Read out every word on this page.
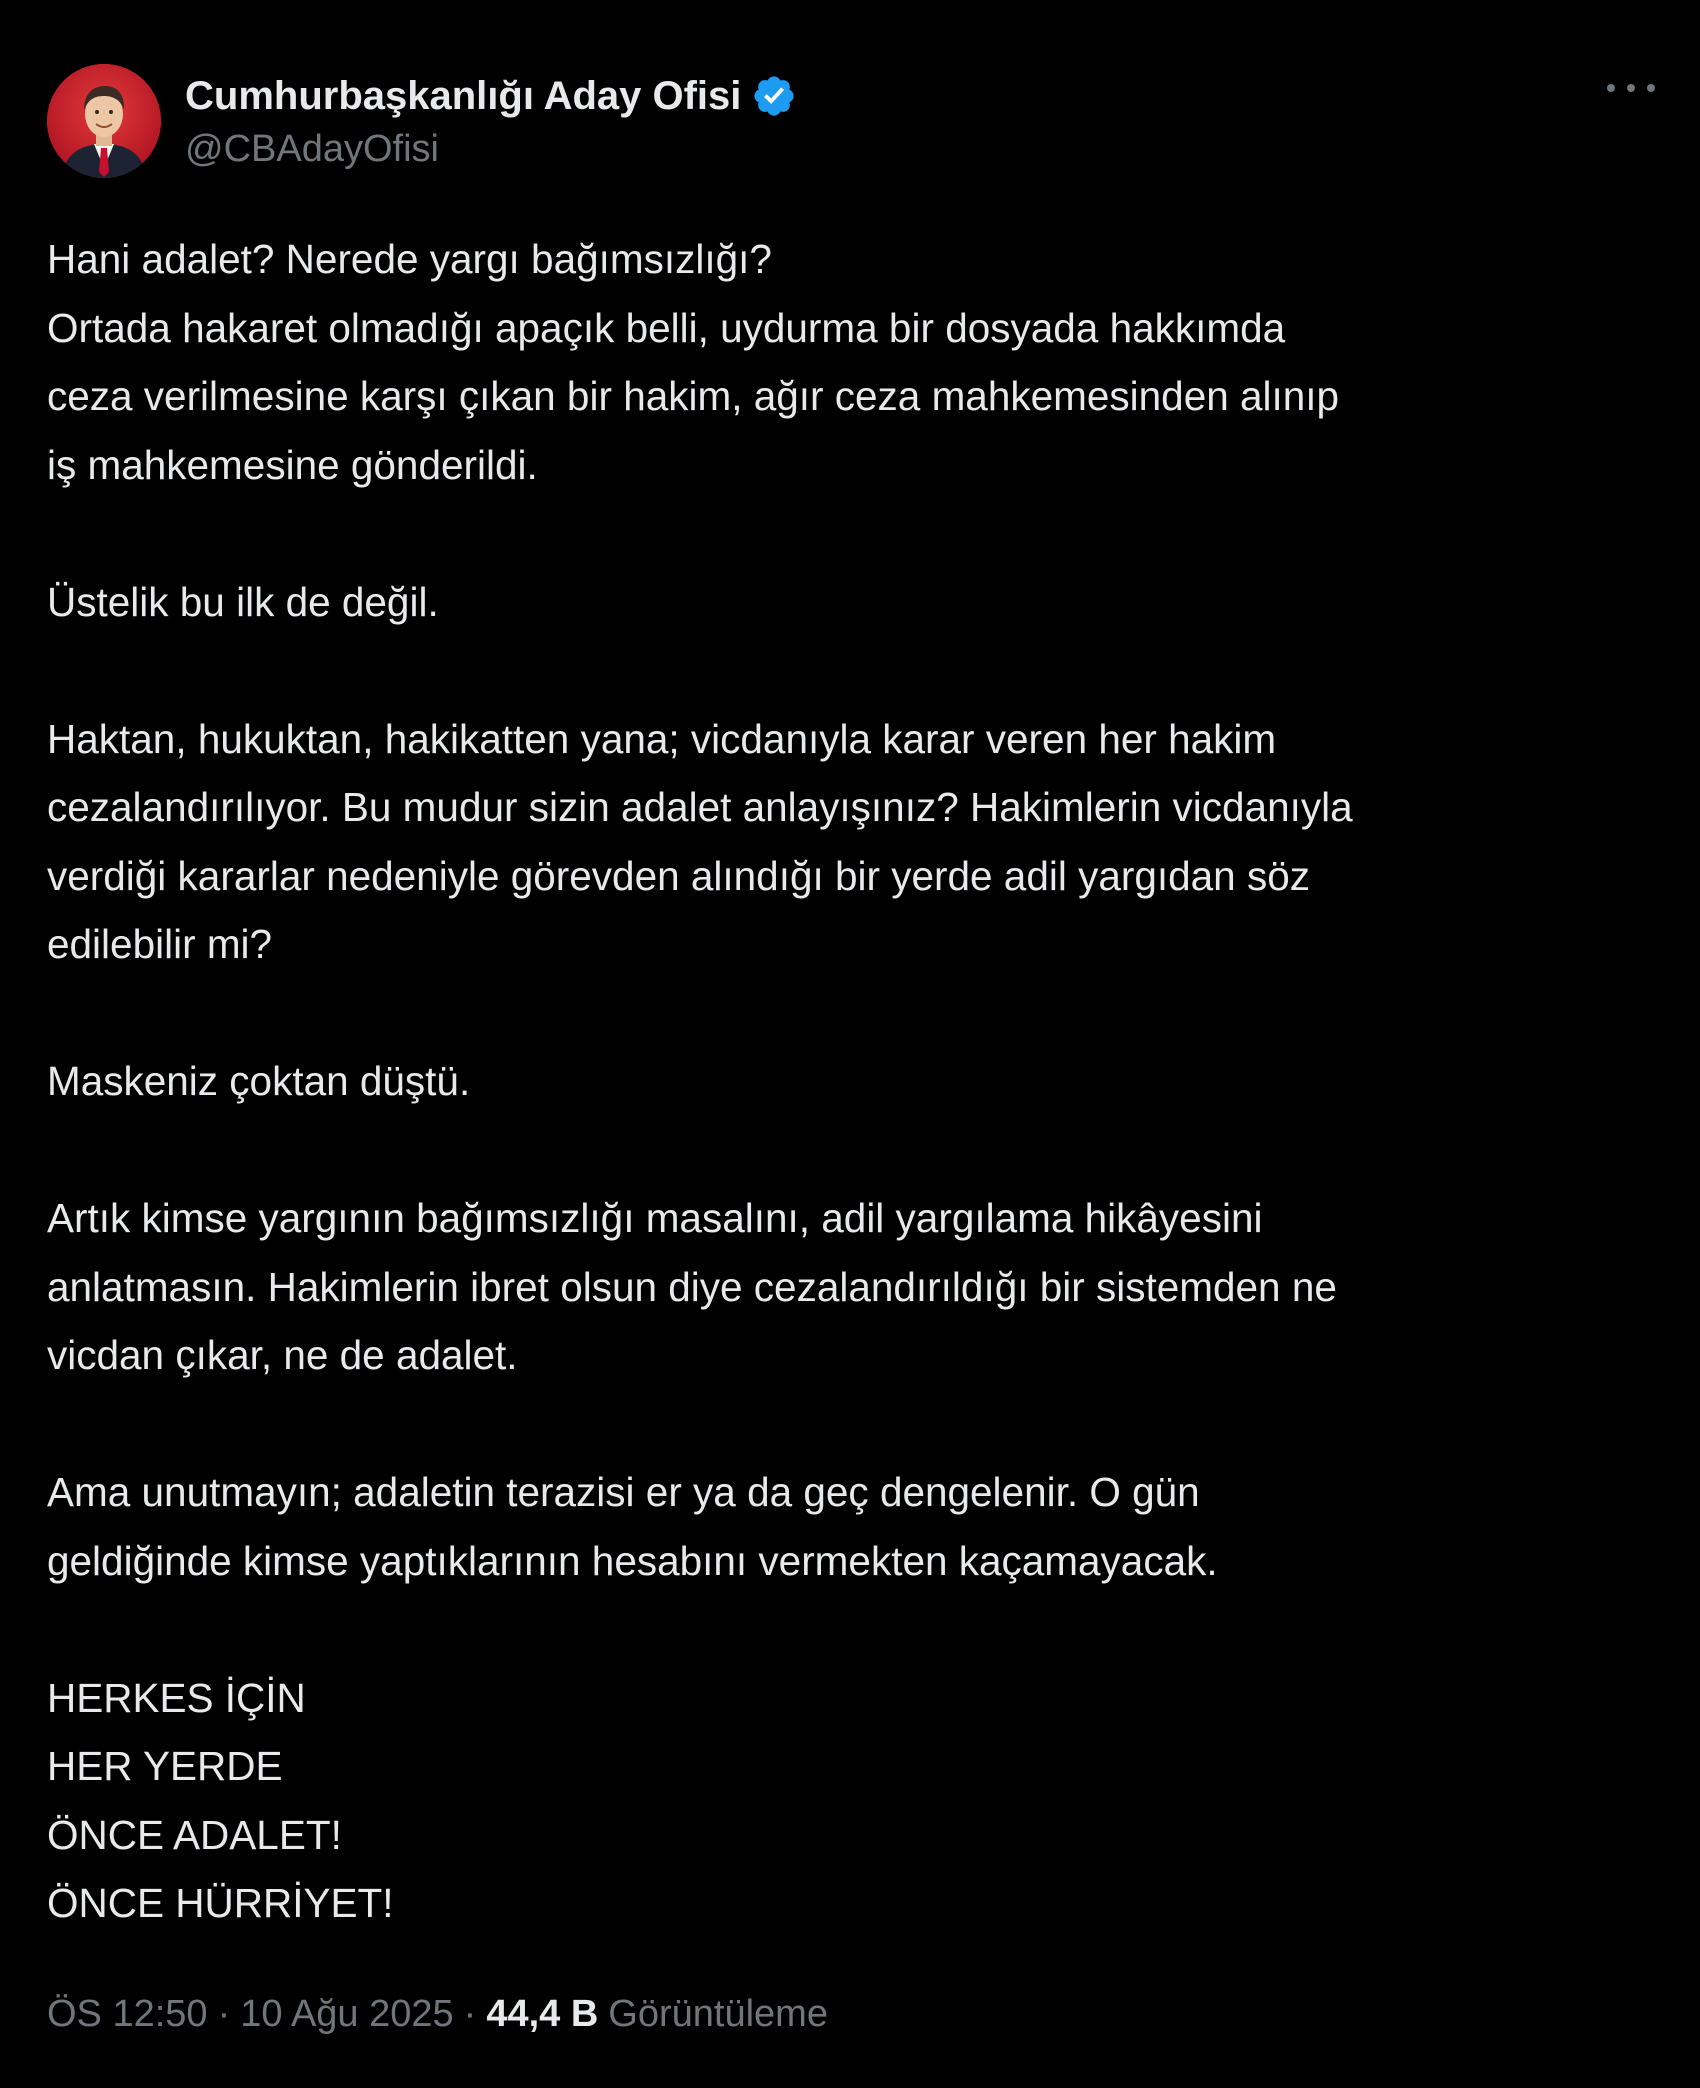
Cumhurbaşkanlığı Aday Ofisi
@CBAdayOfisi

Hani adalet? Nerede yargı bağımsızlığı?

Ortada hakaret olmadığı apaçık belli, uydurma bir dosyada hakkımda

ceza verilmesine karşı çıkan bir hakim, ağır ceza mahkemesinden alınıp

iş mahkemesine gönderildi.

Üstelik bu ilk de değil.

Haktan, hukuktan, hakikatten yana; vicdanıyla karar veren her hakim

cezalandırılıyor. Bu mudur sizin adalet anlayışınız? Hakimlerin vicdanıyla

verdiği kararlar nedeniyle görevden alındığı bir yerde adil yargıdan söz

edilebilir mi?

Maskeniz çoktan düştü.

Artık kimse yargının bağımsızlığı masalını, adil yargılama hikâyesini

anlatmasın. Hakimlerin ibret olsun diye cezalandırıldığı bir sistemden ne

vicdan çıkar, ne de adalet.

Ama unutmayın; adaletin terazisi er ya da geç dengelenir. O gün

geldiğinde kimse yaptıklarının hesabını vermekten kaçamayacak.

HERKES İÇİN

HER YERDE

ÖNCE ADALET!

ÖNCE HÜRRİYET!

ÖS 12:50 · 10 Ağu 2025 · 44,4 B Görüntüleme
